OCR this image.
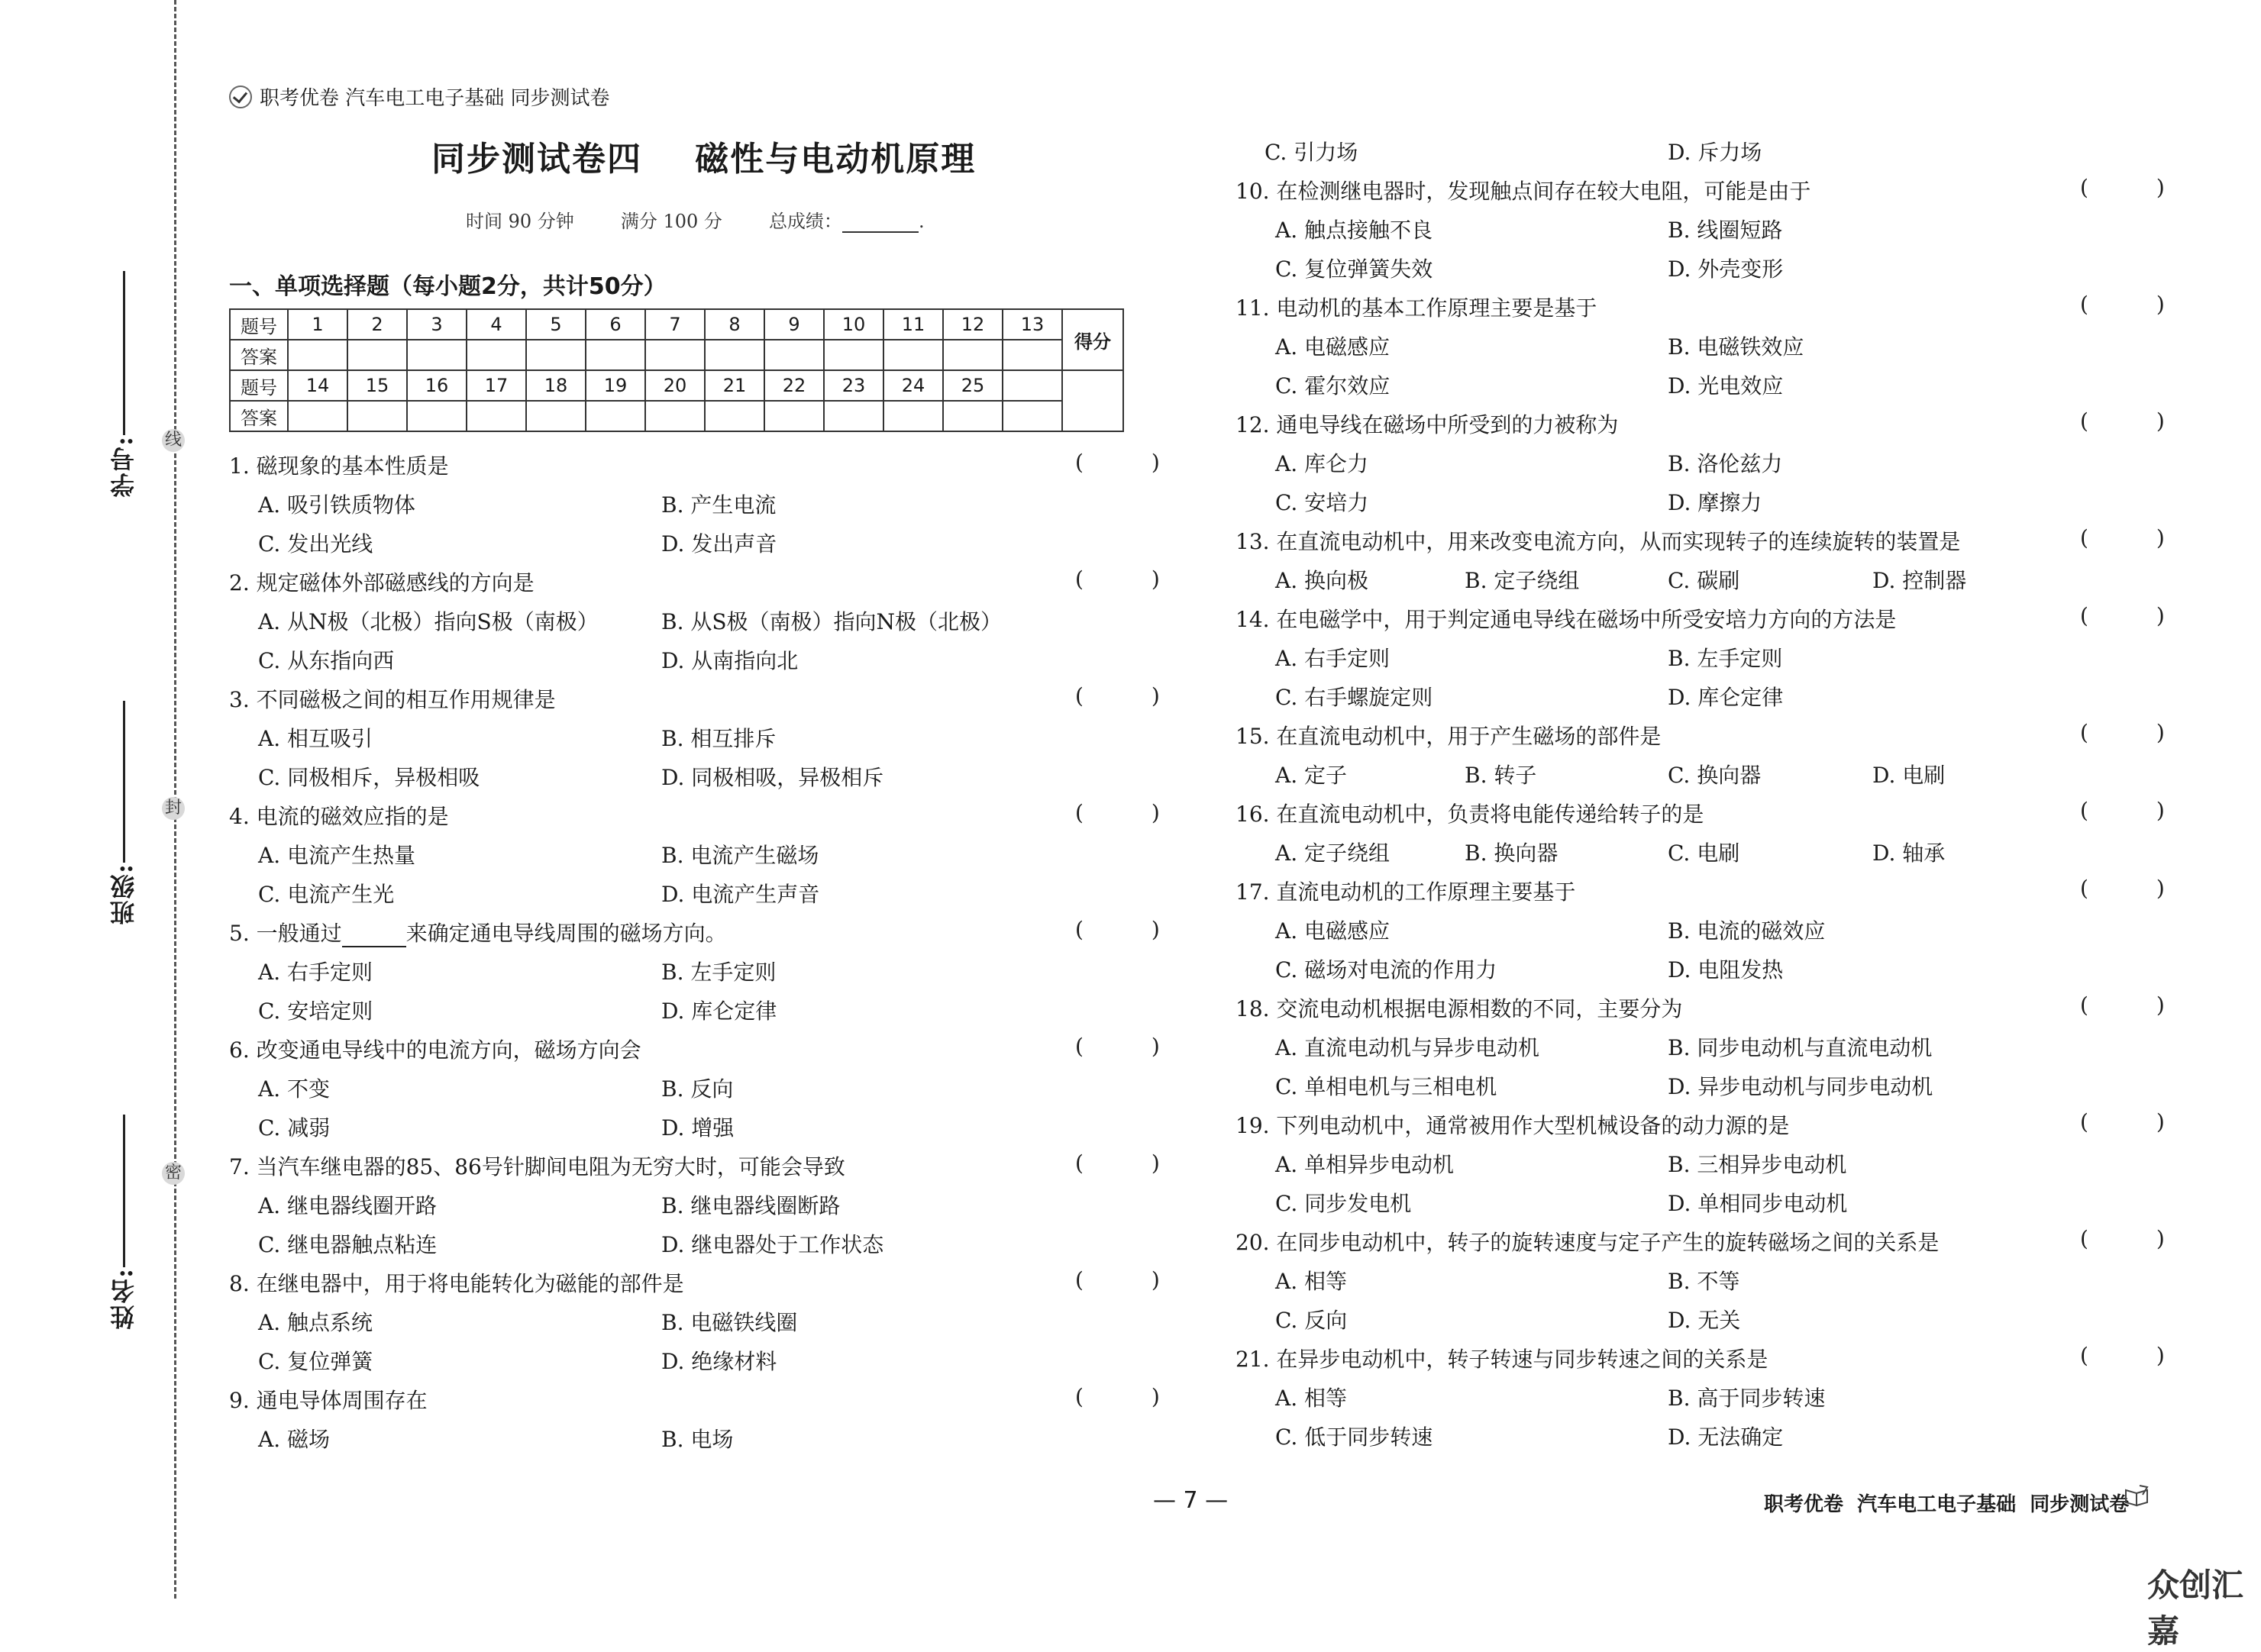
线
封
密
学号:
班级:
姓名:
职考优卷 汽车电工电子基础 同步测试卷
同步测试卷四    磁性与电动机原理
时间 90 分钟	满分 100 分	总成绩：	.
一、单项选择题（每小题2分，共计50分）
题号	1	2	3	4	5	6	7	8	9	10	11	12	13	得分
答案														
题号	14	15	16	17	18	19	20	21	22	23	24	25		
答案														
1. 磁现象的基本性质是	(          )
A. 吸引铁质物体	B. 产生电流
C. 发出光线	D. 发出声音
2. 规定磁体外部磁感线的方向是	(          )
A. 从N极（北极）指向S极（南极）	B. 从S极（南极）指向N极（北极）
C. 从东指向西	D. 从南指向北
3. 不同磁极之间的相互作用规律是	(          )
A. 相互吸引	B. 相互排斥
C. 同极相斥，异极相吸	D. 同极相吸，异极相斥
4. 电流的磁效应指的是	(          )
A. 电流产生热量	B. 电流产生磁场
C. 电流产生光	D. 电流产生声音
5. 一般通过	来确定通电导线周围的磁场方向。	(          )
A. 右手定则	B. 左手定则
C. 安培定则	D. 库仑定律
6. 改变通电导线中的电流方向，磁场方向会	(          )
A. 不变	B. 反向
C. 减弱	D. 增强
7. 当汽车继电器的85、86号针脚间电阻为无穷大时，可能会导致	(          )
A. 继电器线圈开路	B. 继电器线圈断路
C. 继电器触点粘连	D. 继电器处于工作状态
8. 在继电器中，用于将电能转化为磁能的部件是	(          )
A. 触点系统	B. 电磁铁线圈
C. 复位弹簧	D. 绝缘材料
9. 通电导体周围存在	(          )
A. 磁场	B. 电场
C. 引力场	D. 斥力场
10. 在检测继电器时，发现触点间存在较大电阻，可能是由于	(          )
A. 触点接触不良	B. 线圈短路
C. 复位弹簧失效	D. 外壳变形
11. 电动机的基本工作原理主要是基于	(          )
A. 电磁感应	B. 电磁铁效应
C. 霍尔效应	D. 光电效应
12. 通电导线在磁场中所受到的力被称为	(          )
A. 库仑力	B. 洛伦兹力
C. 安培力	D. 摩擦力
13. 在直流电动机中，用来改变电流方向，从而实现转子的连续旋转的装置是	(          )
A. 换向极	B. 定子绕组	C. 碳刷	D. 控制器
14. 在电磁学中，用于判定通电导线在磁场中所受安培力方向的方法是	(          )
A. 右手定则	B. 左手定则
C. 右手螺旋定则	D. 库仑定律
15. 在直流电动机中，用于产生磁场的部件是	(          )
A. 定子	B. 转子	C. 换向器	D. 电刷
16. 在直流电动机中，负责将电能传递给转子的是	(          )
A. 定子绕组	B. 换向器	C. 电刷	D. 轴承
17. 直流电动机的工作原理主要基于	(          )
A. 电磁感应	B. 电流的磁效应
C. 磁场对电流的作用力	D. 电阻发热
18. 交流电动机根据电源相数的不同，主要分为	(          )
A. 直流电动机与异步电动机	B. 同步电动机与直流电动机
C. 单相电机与三相电机	D. 异步电动机与同步电动机
19. 下列电动机中，通常被用作大型机械设备的动力源的是	(          )
A. 单相异步电动机	B. 三相异步电动机
C. 同步发电机	D. 单相同步电动机
20. 在同步电动机中，转子的旋转速度与定子产生的旋转磁场之间的关系是	(          )
A. 相等	B. 不等
C. 反向	D. 无关
21. 在异步电动机中，转子转速与同步转速之间的关系是	(          )
A. 相等	B. 高于同步转速
C. 低于同步转速	D. 无法确定
— 7 —	职考优卷  汽车电工电子基础  同步测试卷
众创汇嘉
